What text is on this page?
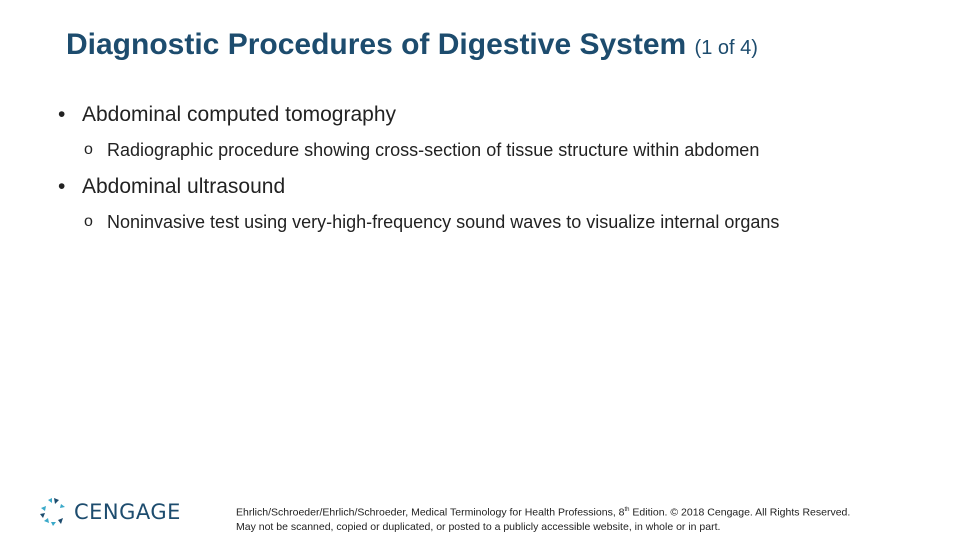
Diagnostic Procedures of Digestive System (1 of 4)
• Abdominal computed tomography
o Radiographic procedure showing cross-section of tissue structure within abdomen
• Abdominal ultrasound
o Noninvasive test using very-high-frequency sound waves to visualize internal organs
CENGAGE	Ehrlich/Schroeder/Ehrlich/Schroeder, Medical Terminology for Health Professions, 8th Edition. © 2018 Cengage. All Rights Reserved.
May not be scanned, copied or duplicated, or posted to a publicly accessible website, in whole or in part.
